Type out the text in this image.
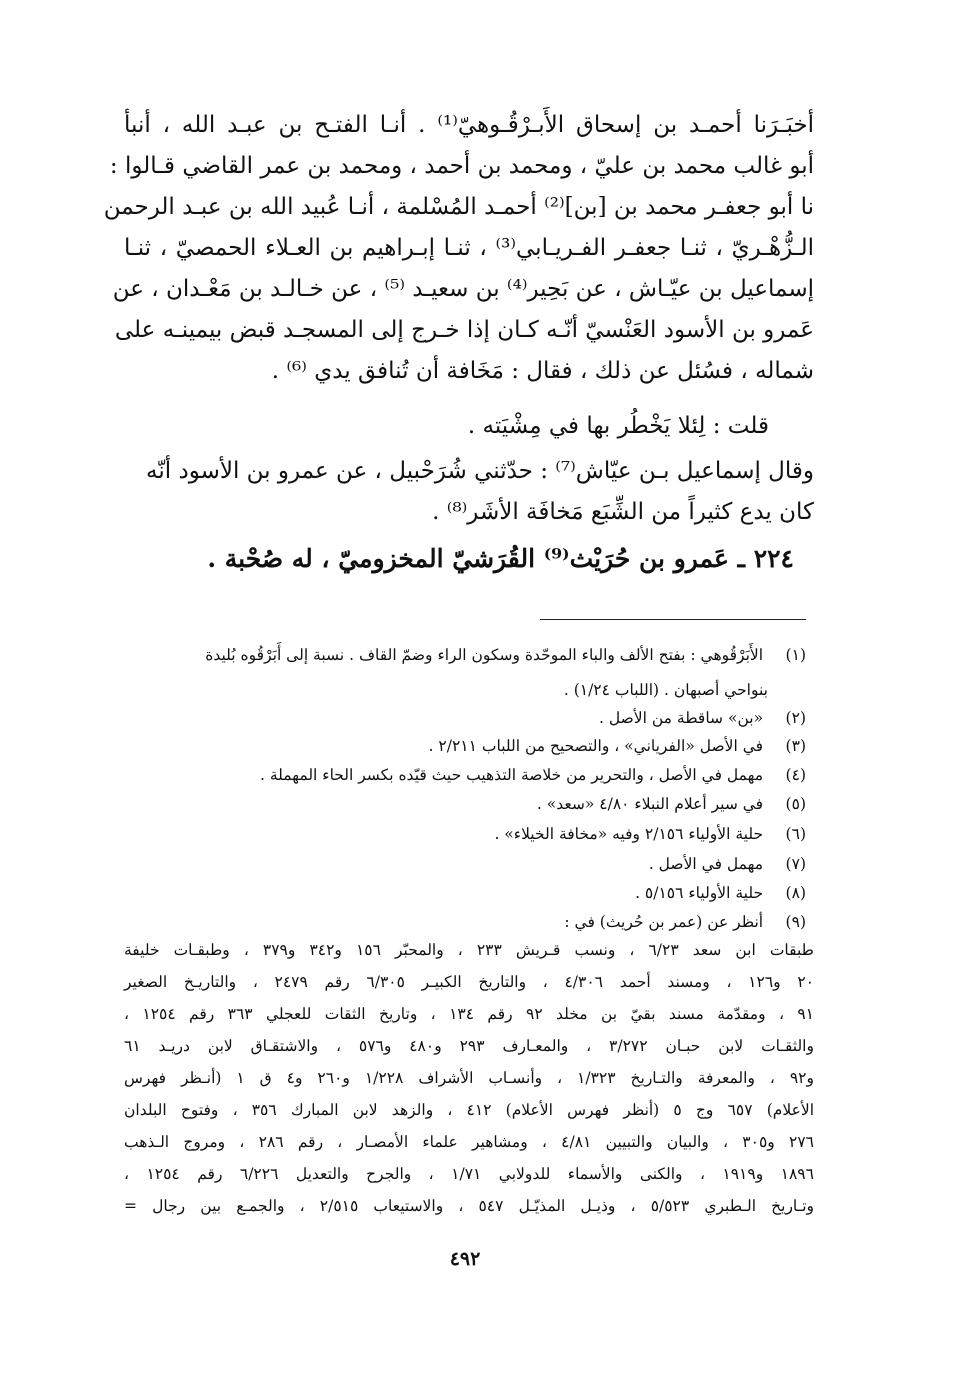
أخبَـرَنا أحمـد بن إسحاق الأَبـرْقُـوهيّ⁽¹⁾ . أنـا الفتـح بن عبـد الله ، أنبأ
أبو غالب محمد بن عليّ ، ومحمد بن أحمد ، ومحمد بن عمر القاضي قـالوا :
نا أبو جعفـر محمد بن [بن]⁽²⁾ أحمـد المُسْلمة ، أنـا عُبيد الله بن عبـد الرحمن
الـزُّهْـريّ ، ثنـا جعفـر الفـريـابي⁽³⁾ ، ثنـا إبـراهيم بن العـلاء الحمصيّ ، ثنـا
إسماعيل بن عيّـاش ، عن بَحِير⁽⁴⁾ بن سعيـد ⁽⁵⁾ ، عن خـالـد بن مَعْـدان ، عن
عَمرو بن الأسود العَنْسيّ أنّـه كـان إذا خـرج إلى المسجـد قبض بيمينـه على
شماله ، فسُئل عن ذلك ، فقال : مَخَافة أن تُنافق يدي ⁽⁶⁾ .
قلت : لِئلا يَخْطُر بها في مِشْيَته .
وقال إسماعيل بـن عيّاش⁽⁷⁾ : حدّثني شُرَحْبيل ، عن عمرو بن الأسود أنّه
كان يدع كثيراً من الشِّبَع مَخافَة الأشَر⁽⁸⁾ .
٢٢٤ ـ عَمرو بن حُرَيْث⁽⁹⁾ القُرَشيّ المخزوميّ ، له صُحْبة .
(١) الأَبَرْقُوهي : بفتح الألف والباء الموحّدة وسكون الراء وضمّ القاف . نسبة إلى أَبَرْقُوه بُليدة
بنواحي أصبهان . (اللباب ١/٢٤) .
(٢) «بن» ساقطة من الأصل .
(٣) في الأصل «الفرياني» ، والتصحيح من اللباب ٢/٢١١ .
(٤) مهمل في الأصل ، والتحرير من خلاصة التذهيب حيث قيّده بكسر الحاء المهملة .
(٥) في سير أعلام النبلاء ٤/٨٠ «سعد» .
(٦) حلية الأولياء ٢/١٥٦ وفيه «مخافة الخيلاء» .
(٧) مهمل في الأصل .
(٨) حلية الأولياء ٥/١٥٦ .
(٩) أنظر عن (عمر بن حُريث) في :
طبقات ابن سعد ٦/٢٣ ، ونسب قـريش ٢٣٣ ، والمحبّر ١٥٦ و٣٤٢ و٣٧٩ ، وطبقـات خليفة
٢٠ و١٢٦ ، ومسند أحمد ٤/٣٠٦ ، والتاريخ الكبيـر ٦/٣٠٥ رقم ٢٤٧٩ ، والتاريـخ الصغير
٩١ ، ومقدّمة مسند بقيّ بن مخلد ٩٢ رقم ١٣٤ ، وتاريخ الثقات للعجلي ٣٦٣ رقم ١٢٥٤ ،
والثقـات لابن حبـان ٣/٢٧٢ ، والمعـارف ٢٩٣ و٤٨٠ و٥٧٦ ، والاشتقـاق لابن دريـد ٦١
و٩٢ ، والمعرفة والتـاريخ ١/٣٢٣ ، وأنسـاب الأشراف ١/٢٢٨ و٢٦٠ و٤ ق ١ (أنـظر فهرس
الأعلام) ٦٥٧ وج ٥ (أنظر فهرس الأعلام) ٤١٢ ، والزهد لابن المبارك ٣٥٦ ، وفتوح البلدان
٢٧٦ و٣٠٥ ، والبيان والتبيين ٤/٨١ ، ومشاهير علماء الأمصـار ، رقم ٢٨٦ ، ومروج الـذهب
١٨٩٦ و١٩١٩ ، والكنى والأسماء للدولابي ١/٧١ ، والجرح والتعديل ٦/٢٢٦ رقم ١٢٥٤ ،
وتـاريخ الـطبري ٥/٥٢٣ ، وذيـل المذيّـل ٥٤٧ ، والاستيعاب ٢/٥١٥ ، والجمـع بين رجال =
٤٩٢
